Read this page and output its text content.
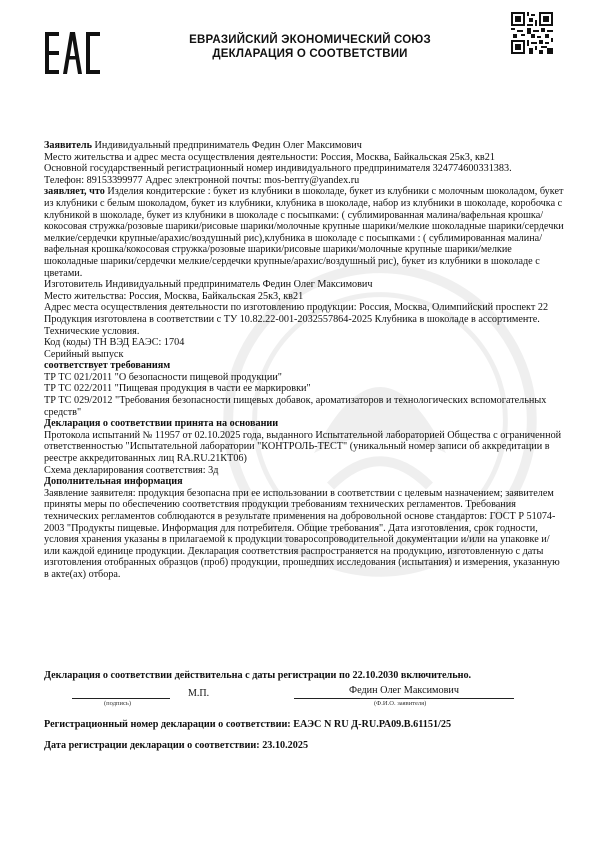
ЕВРАЗИЙСКИЙ ЭКОНОМИЧЕСКИЙ СОЮЗ
ДЕКЛАРАЦИЯ О СООТВЕТСТВИИ

Заявитель Индивидуальный предприниматель Федин Олег Максимович

Место жительства и адрес места осуществления деятельности: Россия, Москва, Байкальская 25к3, кв21

Основной государственный регистрационный номер индивидуального предпринимателя 324774600331383.

Телефон: 89153399977 Адрес электронной почты: mos-berrry@yandex.ru

заявляет, что Изделия кондитерские : букет из клубники в шоколаде, букет из клубники с молочным шоколадом, букет из клубники с белым шоколадом, букет из клубники, клубника в шоколаде, набор из клубники в шоколаде, коробочка с клубникой в шоколаде, букет из клубники в шоколаде с посыпками: ( сублимированная малина/вафельная крошка/кокосовая стружка/розовые шарики/рисовые шарики/молочные крупные шарики/мелкие шоколадные шарики/сердечки мелкие/сердечки крупные/арахис/воздушный рис),клубника в шоколаде с посыпками : ( сублимированная малина/вафельная крошка/кокосовая стружка/розовые шарики/рисовые шарики/молочные крупные шарики/мелкие шоколадные шарики/сердечки мелкие/сердечки крупные/арахис/воздушный рис), букет из клубники в шоколаде с цветами.

Изготовитель Индивидуальный предприниматель Федин Олег Максимович

Место жительства: Россия, Москва, Байкальская 25к3, кв21

Адрес места осуществления деятельности по изготовлению продукции: Россия, Москва, Олимпийский проспект 22 Продукция изготовлена в соответствии с ТУ 10.82.22-001-2032557864-2025 Клубника в шоколаде в ассортименте. Технические условия.

Код (коды) ТН ВЭД ЕАЭС: 1704

Серийный выпуск

соответствует требованиям

ТР ТС 021/2011 "О безопасности пищевой продукции"

ТР ТС 022/2011 "Пищевая продукция в части ее маркировки"

ТР ТС 029/2012 "Требования безопасности пищевых добавок, ароматизаторов и технологических вспомогательных средств"

Декларация о соответствии принята на основании

Протокола испытаний № 11957 от 02.10.2025 года, выданного Испытательной лабораторией Общества с ограниченной ответственностью "Испытательной лаборатории "КОНТРОЛЬ-ТЕСТ" (уникальный номер записи об аккредитации в реестре аккредитованных лиц RA.RU.21КТ06)

Схема декларирования соответствия: 3д

Дополнительная информация

Заявление заявителя: продукция безопасна при ее использовании в соответствии с целевым назначением; заявителем приняты меры по обеспечению соответствия продукции требованиям технических регламентов. Требования технических регламентов соблюдаются в результате применения на добровольной основе стандартов: ГОСТ Р 51074-2003 "Продукты пищевые. Информация для потребителя. Общие требования". Дата изготовления, срок годности, условия хранения указаны в прилагаемой к продукции товаросопроводительной документации и/или на упаковке и/или каждой единице продукции. Декларация соответствия распространяется на продукцию, изготовленную с даты изготовления отобранных образцов (проб) продукции, прошедших исследования (испытания) и измерения, указанную в акте(ах) отбора.

Декларация о соответствии действительна с даты регистрации по 22.10.2030 включительно.
(подпись)
М.П.	Федин Олег Максимович
(Ф.И.О. заявителя)
Регистрационный номер декларации о соответствии: ЕАЭС N RU Д-RU.РА09.В.61151/25
Дата регистрации декларации о соответствии: 23.10.2025
